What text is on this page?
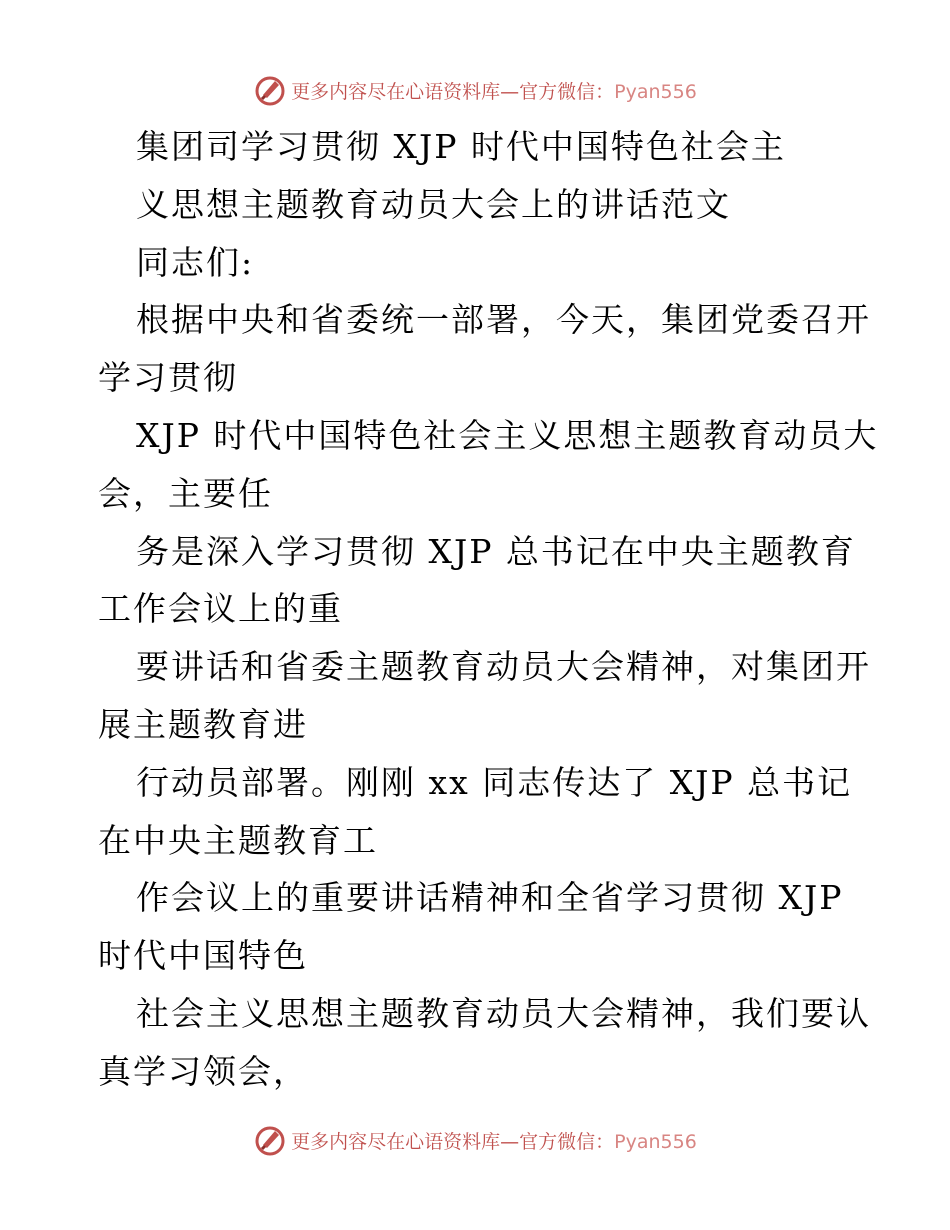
更多内容尽在心语资料库—官方微信：Pyan556
集团司学习贯彻 XJP 时代中国特色社会主
义思想主题教育动员大会上的讲话范文
同志们:
根据中央和省委统一部署，今天，集团党委召开
学习贯彻
XJP 时代中国特色社会主义思想主题教育动员大
会，主要任
务是深入学习贯彻 XJP 总书记在中央主题教育
工作会议上的重
要讲话和省委主题教育动员大会精神，对集团开
展主题教育进
行动员部署。刚刚 xx 同志传达了 XJP 总书记
在中央主题教育工
作会议上的重要讲话精神和全省学习贯彻 XJP
时代中国特色
社会主义思想主题教育动员大会精神，我们要认
真学习领会，
更多内容尽在心语资料库—官方微信：Pyan556
